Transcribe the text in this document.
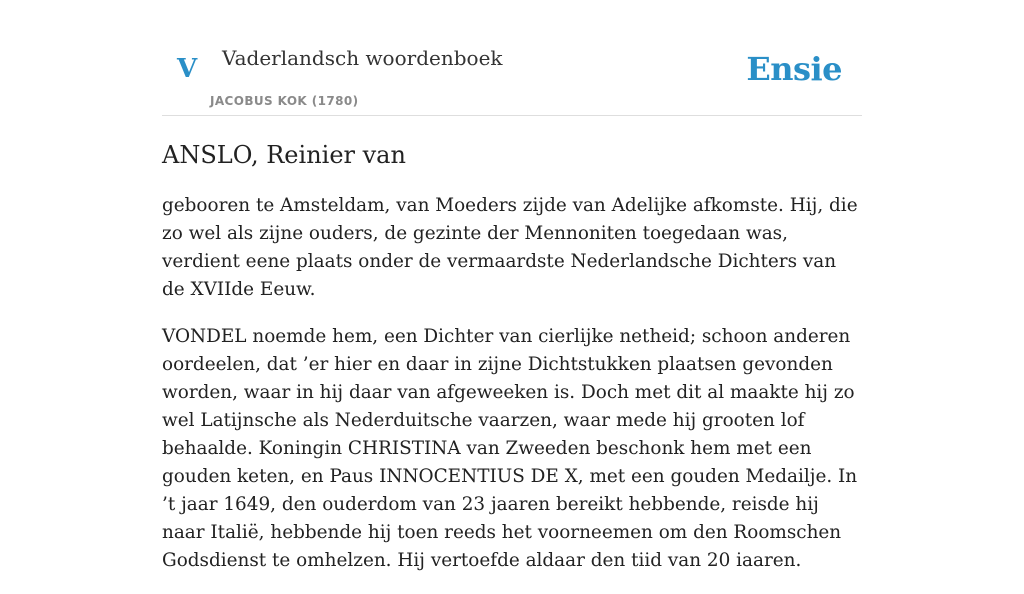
V Vaderlandsch woordenboek
JACOBUS KOK (1780)
Ensie
ANSLO, Reinier van

gebooren te Amsteldam, van Moeders zijde van Adelijke afkomste. Hij, die zo wel als zijne ouders, de gezinte der Mennoniten toegedaan was, verdient eene plaats onder de vermaardste Nederlandsche Dichters van de XVIIde Eeuw.

VONDEL noemde hem, een Dichter van cierlijke netheid; schoon anderen oordeelen, dat ’er hier en daar in zijne Dichtstukken plaatsen gevonden worden, waar in hij daar van afgeweeken is. Doch met dit al maakte hij zo wel Latijnsche als Nederduitsche vaarzen, waar mede hij grooten lof behaalde. Koningin CHRISTINA van Zweeden beschonk hem met een gouden keten, en Paus INNOCENTIUS DE X, met een gouden Medailje. In ’t jaar 1649, den ouderdom van 23 jaaren bereikt hebbende, reisde hij naar Italië, hebbende hij toen reeds het voorneemen om den Roomschen Godsdienst te omhelzen. Hij vertoefde aldaar den tiid van 20 iaaren.
